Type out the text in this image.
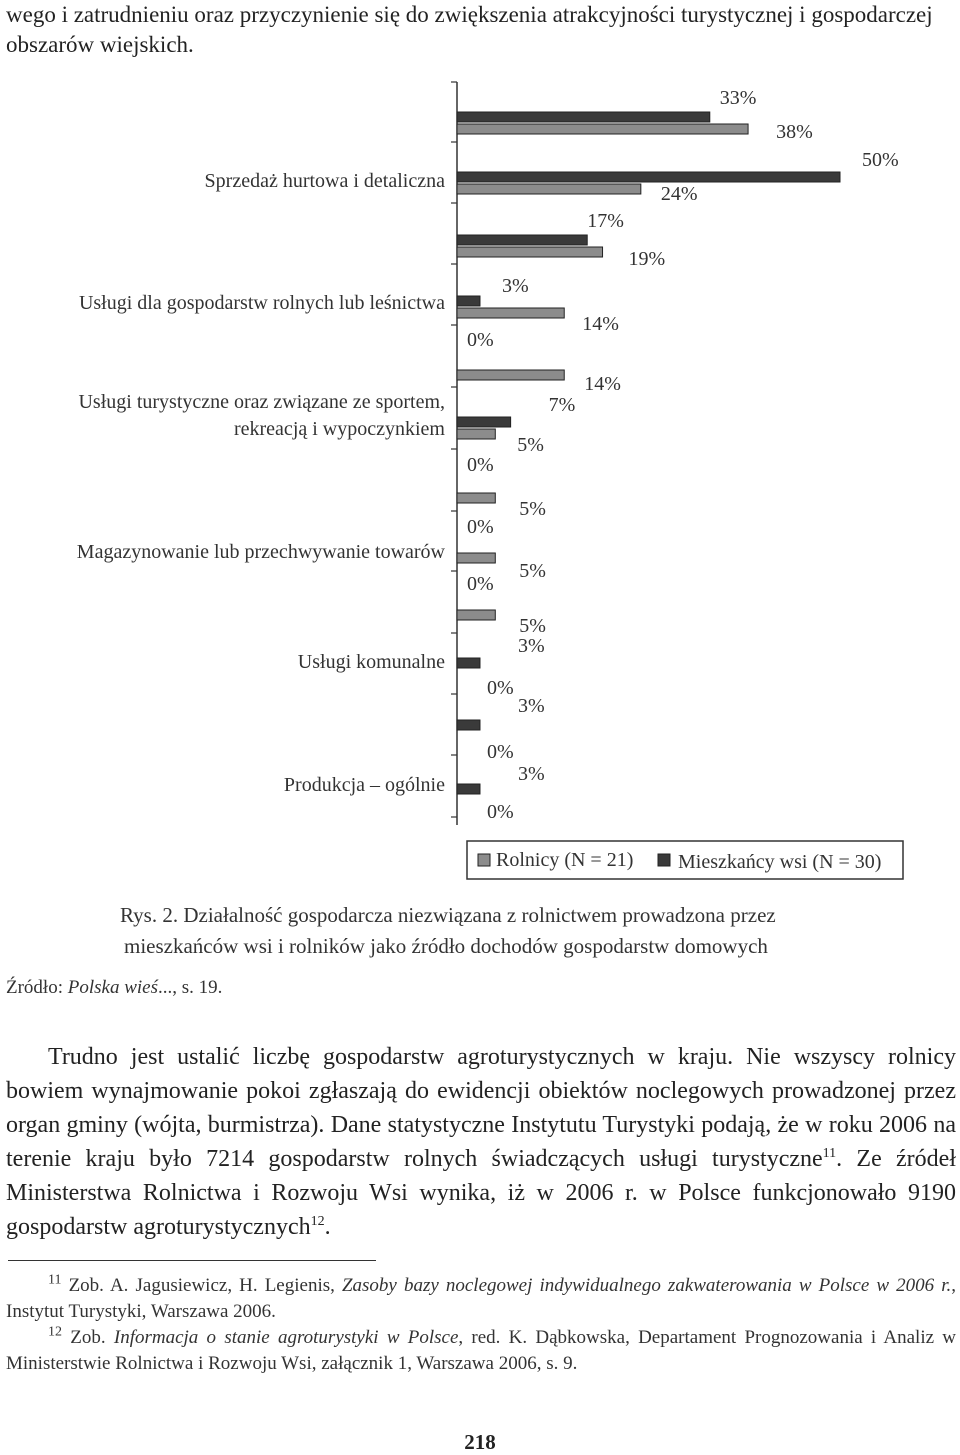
wego i zatrudnieniu oraz przyczynienie się do zwiększenia atrakcyjności turystycznej i gospodarczej obszarów wiejskich.
33%
38%
50%
24%
17%
19%
3%
14%
0%
14%
7%
5%
0%
5%
0%
5%
0%
5%
3%
0%
3%
0%
3%
0%
Sprzedaż hurtowa i detaliczna
Usługi dla gospodarstw rolnych lub leśnictwa
Usługi turystyczne oraz związane ze sportem,
rekreacją i wypoczynkiem
Magazynowanie lub przechwywanie towarów
Usługi komunalne
Produkcja – ogólnie
Rolnicy (N = 21) Mieszkańcy wsi (N = 30)
Rys. 2. Działalność gospodarcza niezwiązana z rolnictwem prowadzona przez
mieszkańców wsi i rolników jako źródło dochodów gospodarstw domowych
Źródło: Polska wieś..., s. 19.
Trudno jest ustalić liczbę gospodarstw agroturystycznych w kraju. Nie wszyscy rolnicy bowiem wynajmowanie pokoi zgłaszają do ewidencji obiektów noclegowych prowadzonej przez organ gminy (wójta, burmistrza). Dane statystyczne Instytutu Turystyki podają, że w roku 2006 na terenie kraju było 7214 gospodarstw rolnych świadczących usługi turystyczne$^{11}$. Ze źródeł Ministerstwa Rolnictwa i Rozwoju Wsi wynika, iż w 2006 r. w Polsce funkcjonowało 9190 gospodarstw agroturystycznych$^{12}$.
$^{11}$ Zob. A. Jagusiewicz, H. Legienis, Zasoby bazy noclegowej indywidualnego zakwaterowania w Polsce w 2006 r., Instytut Turystyki, Warszawa 2006.
$^{12}$ Zob. Informacja o stanie agroturystyki w Polsce, red. K. Dąbkowska, Departament Prognozowania i Analiz w Ministerstwie Rolnictwa i Rozwoju Wsi, załącznik 1, Warszawa 2006, s. 9.
218
